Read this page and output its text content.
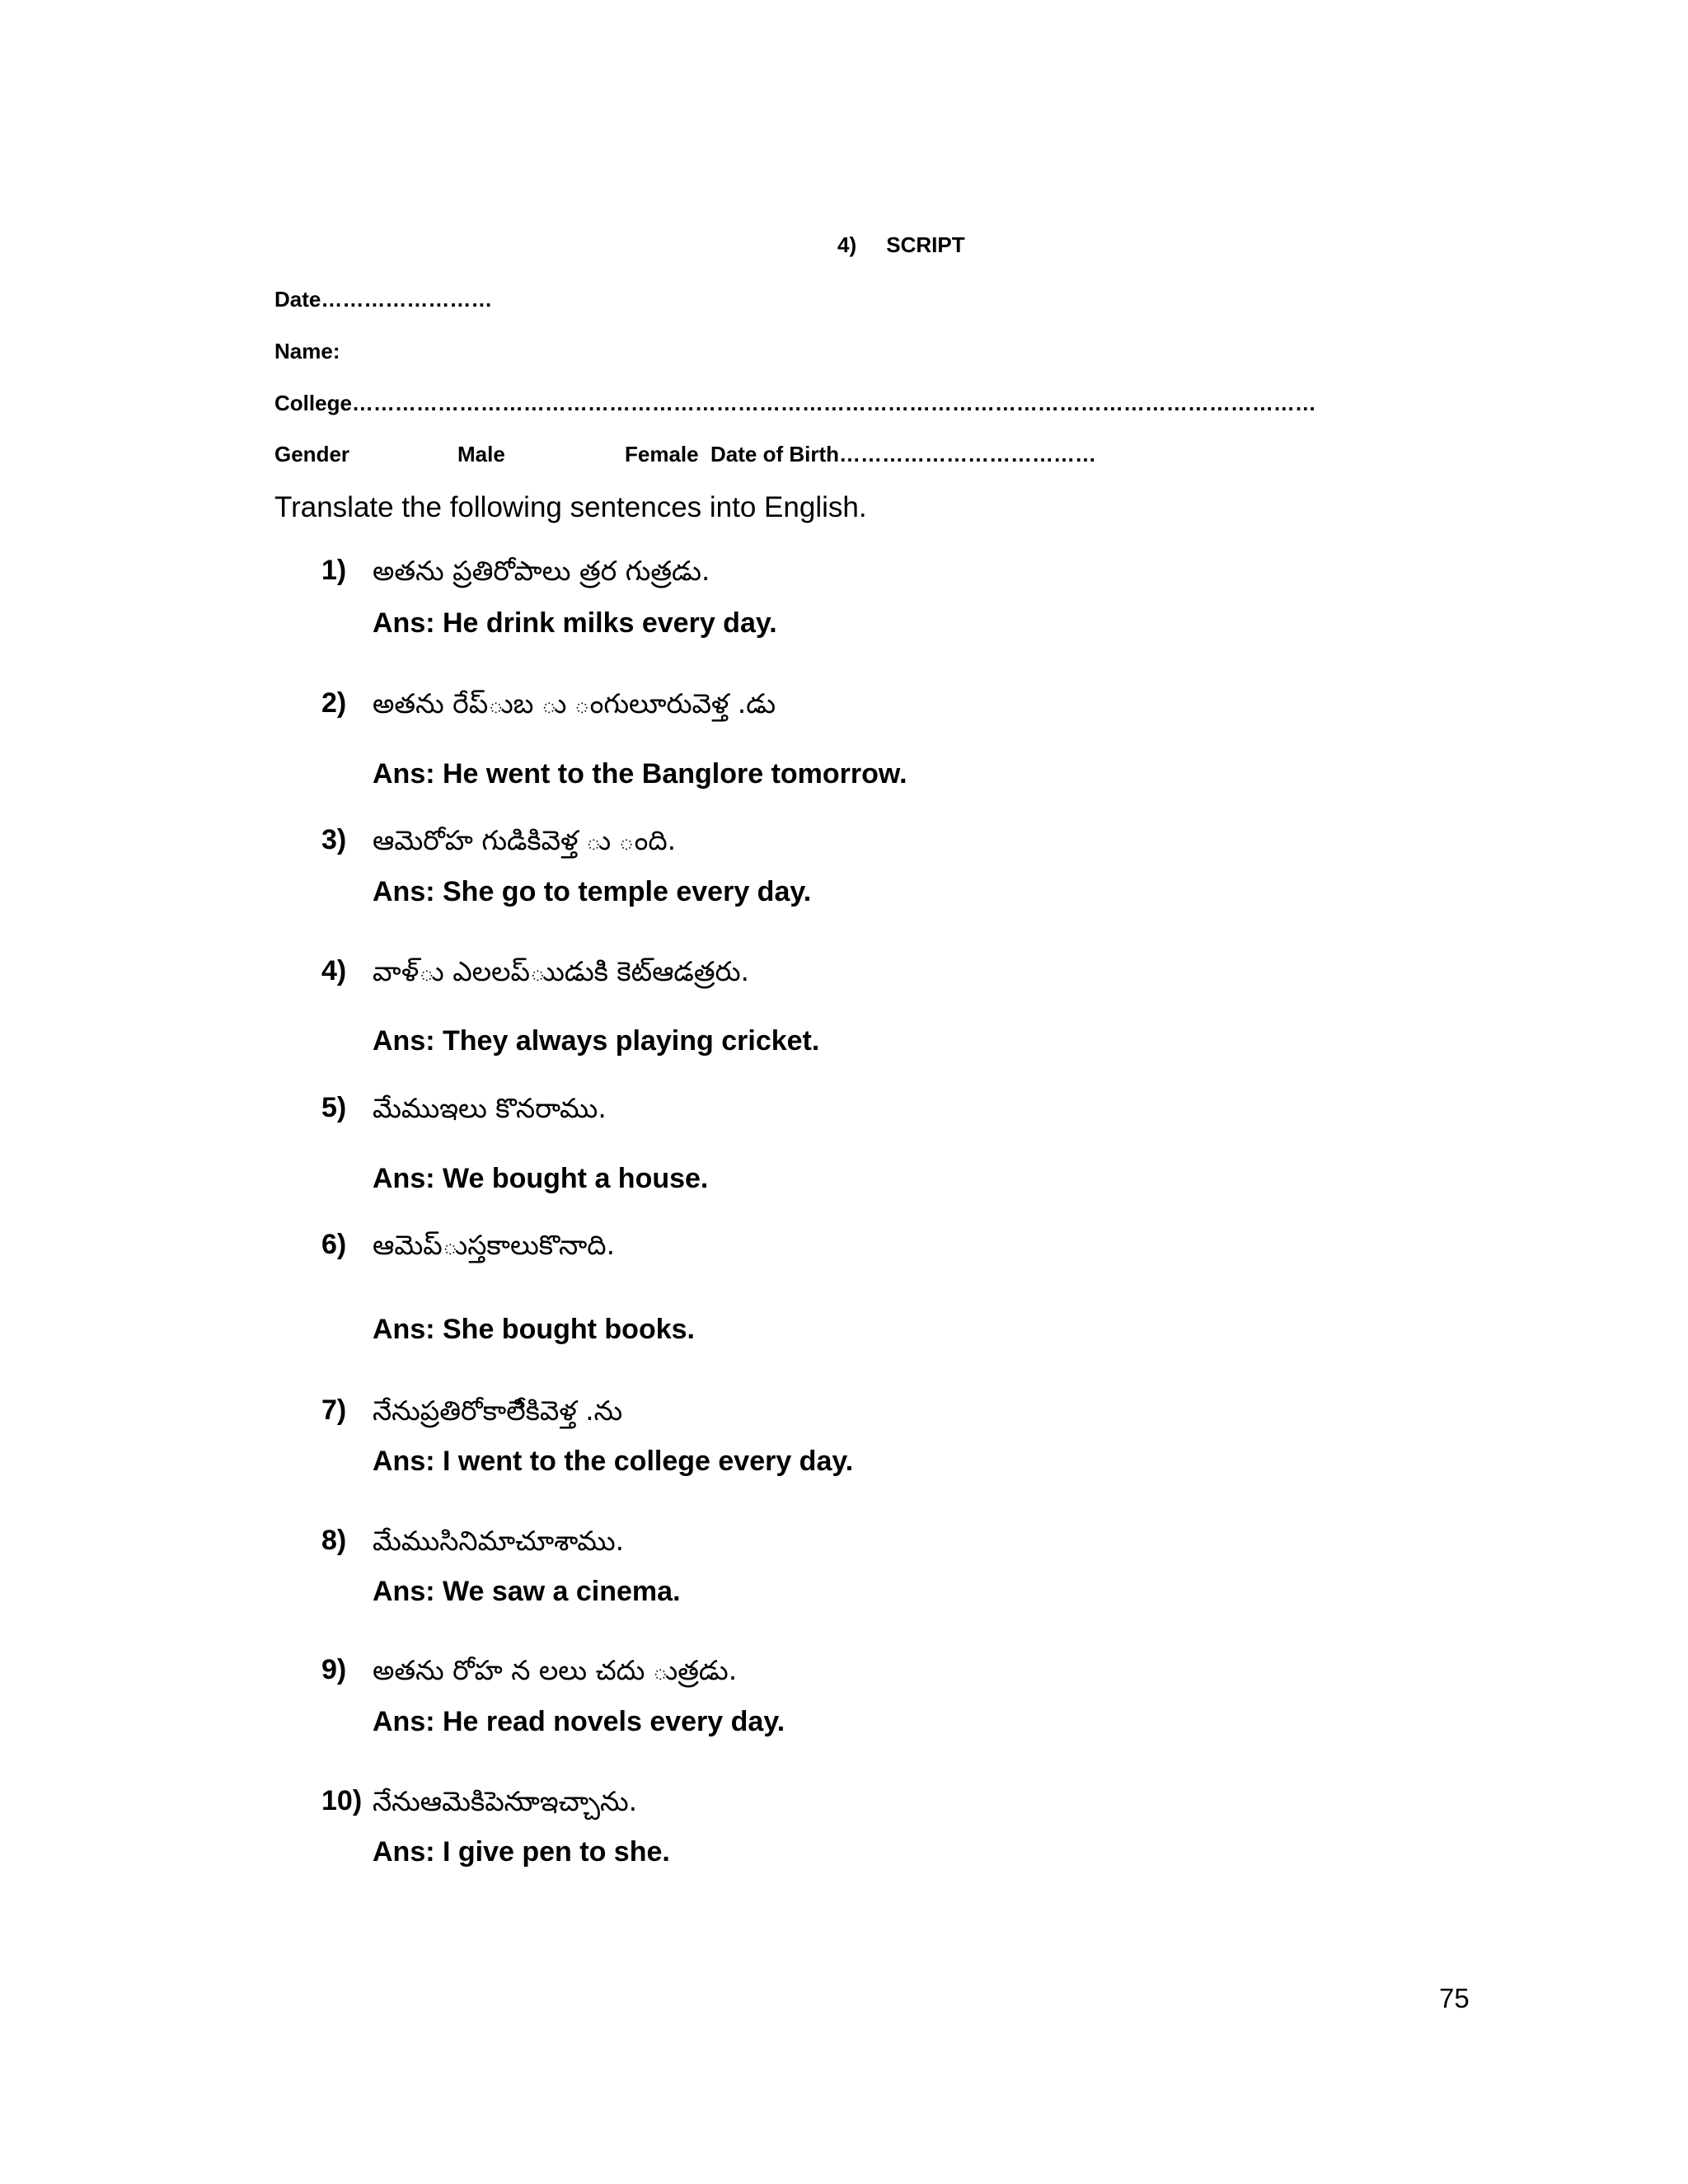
4)     SCRIPT
Date……………………
Name:
College………………………………………………………………………………………………………………………
Gender	Male	Female Date of Birth………………………………
Translate the following sentences into English.
1) అతను ప్రతిరోపాలు త్రర గుత్రడు.
Ans: He drink milks every day.
2) అతను రేప్ుబ ు ంగులూరువెళ్త .డు
Ans: He went to the Banglore tomorrow.
3) ఆమెరోహ గుడికివెళ్త ు ంది.
Ans: She go to temple every day.
4) వాళ్ు ఎలలప్ుుడుకిి కెట్ఆడత్రరు.
Ans: They always playing cricket.
5) మేముఇలు కొనరాము.
Ans: We bought a house.
6) ఆమెప్ుస్తకాలుకొనాది.
Ans: She bought books.
7) నేనుప్రతిరోకాలేికివెళ్త .ను
Ans: I went to the college every day.
8) మేముసినిమాచూశాము.
Ans: We saw a cinema.
9) అతను రోహ న లలు చదు ుత్రడు.
Ans: He read novels every day.
10) నేనుఆమెకిపెనుాఇచ్చాను.
Ans: I give pen to she.
75
